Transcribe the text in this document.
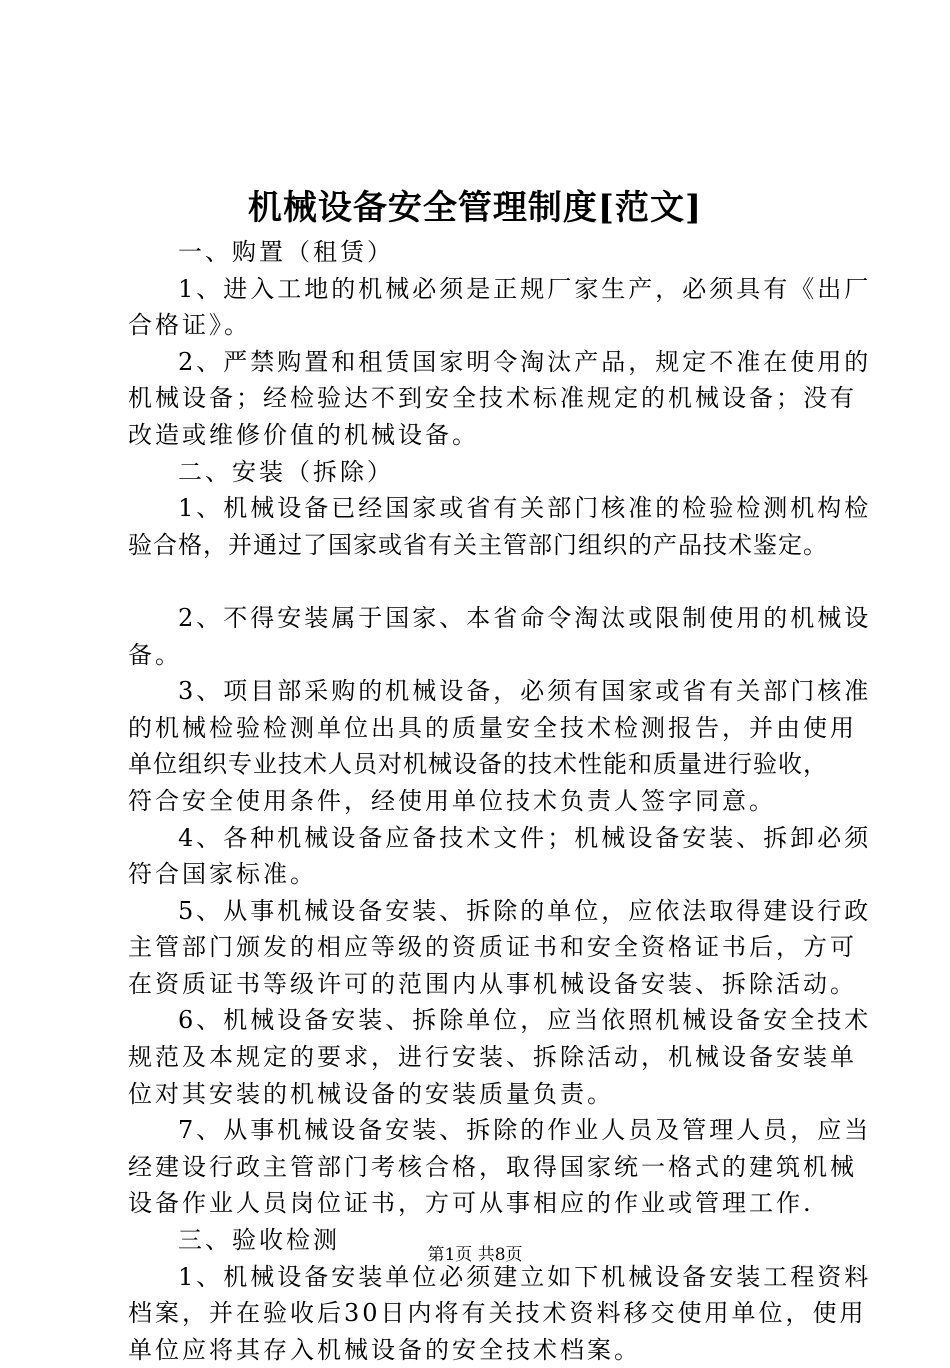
机械设备安全管理制度[范文]
一、购置（租赁）
1、进入工地的机械必须是正规厂家生产，必须具有《出厂
合格证》。
2、严禁购置和租赁国家明令淘汰产品，规定不准在使用的
机械设备；经检验达不到安全技术标准规定的机械设备；没有
改造或维修价值的机械设备。
二、安装（拆除）
1、机械设备已经国家或省有关部门核准的检验检测机构检
验合格，并通过了国家或省有关主管部门组织的产品技术鉴定。
2、不得安装属于国家、本省命令淘汰或限制使用的机械设
备。
3、项目部采购的机械设备，必须有国家或省有关部门核准
的机械检验检测单位出具的质量安全技术检测报告，并由使用
单位组织专业技术人员对机械设备的技术性能和质量进行验收，
符合安全使用条件，经使用单位技术负责人签字同意。
4、各种机械设备应备技术文件；机械设备安装、拆卸必须
符合国家标准。
5、从事机械设备安装、拆除的单位，应依法取得建设行政
主管部门颁发的相应等级的资质证书和安全资格证书后，方可
在资质证书等级许可的范围内从事机械设备安装、拆除活动。
6、机械设备安装、拆除单位，应当依照机械设备安全技术
规范及本规定的要求，进行安装、拆除活动，机械设备安装单
位对其安装的机械设备的安装质量负责。
7、从事机械设备安装、拆除的作业人员及管理人员，应当
经建设行政主管部门考核合格，取得国家统一格式的建筑机械
设备作业人员岗位证书，方可从事相应的作业或管理工作.
三、验收检测
1、机械设备安装单位必须建立如下机械设备安装工程资料
档案，并在验收后30日内将有关技术资料移交使用单位，使用
单位应将其存入机械设备的安全技术档案。
第1页 共8页
